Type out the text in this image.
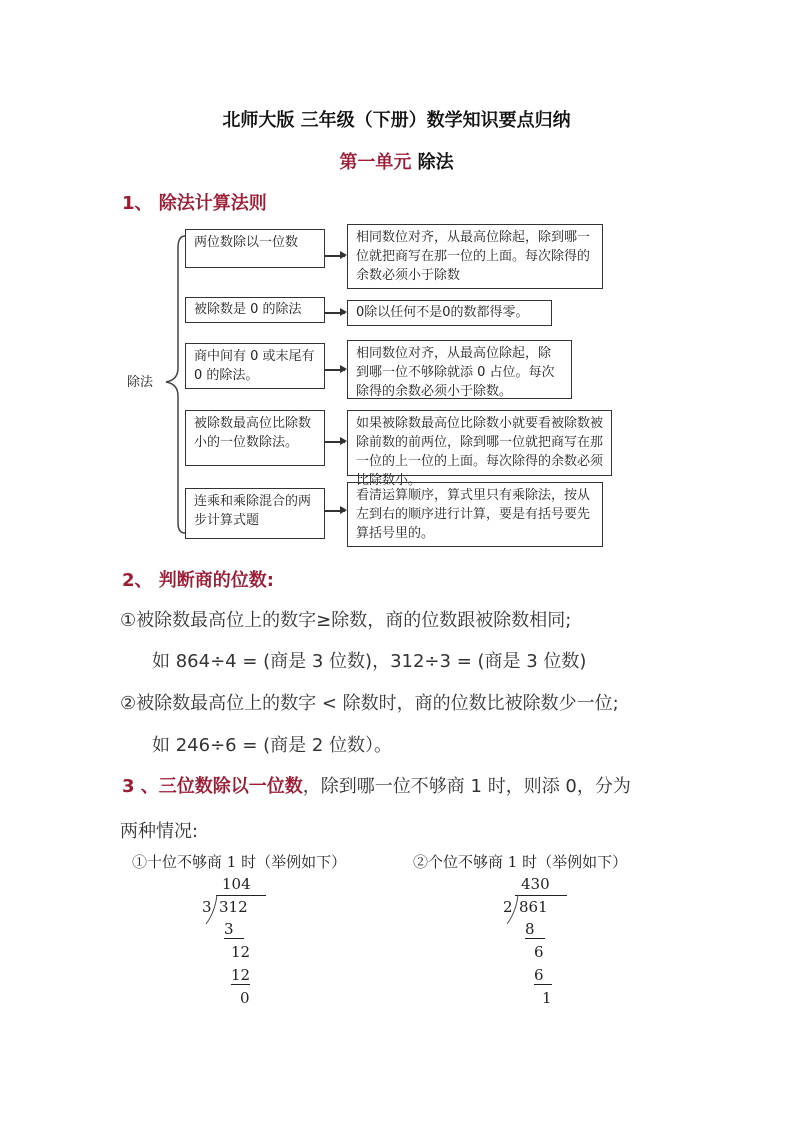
北师大版 三年级（下册）数学知识要点归纳
第一单元 除法
1、 除法计算法则
除法
两位数除以一位数
被除数是 0 的除法
商中间有 0 或末尾有 0 的除法。
被除数最高位比除数小的一位数除法。
连乘和乘除混合的两步计算式题
相同数位对齐，从最高位除起，除到哪一位就把商写在那一位的上面。每次除得的余数必须小于除数
0除以任何不是0的数都得零。
相同数位对齐，从最高位除起，除到哪一位不够除就添 0 占位。每次除得的余数必须小于除数。
如果被除数最高位比除数小就要看被除数被除前数的前两位，除到哪一位就把商写在那一位的上一位的上面。每次除得的余数必须比除数小。
看清运算顺序，算式里只有乘除法，按从左到右的顺序进行计算，要是有括号要先算括号里的。
2、 判断商的位数:
①被除数最高位上的数字≥除数，商的位数跟被除数相同;
如 864÷4 = (商是 3 位数)，312÷3 = (商是 3 位数)
②被除数最高位上的数字 < 除数时，商的位数比被除数少一位;
如 246÷6 = (商是 2 位数）。
3 、三位数除以一位数，除到哪一位不够商 1 时，则添 0，分为
两种情况:
①十位不够商 1 时（举例如下）	②个位不够商 1 时（举例如下）
104
3 312
3
12
12
0
430
2 861
8
6
6
1
